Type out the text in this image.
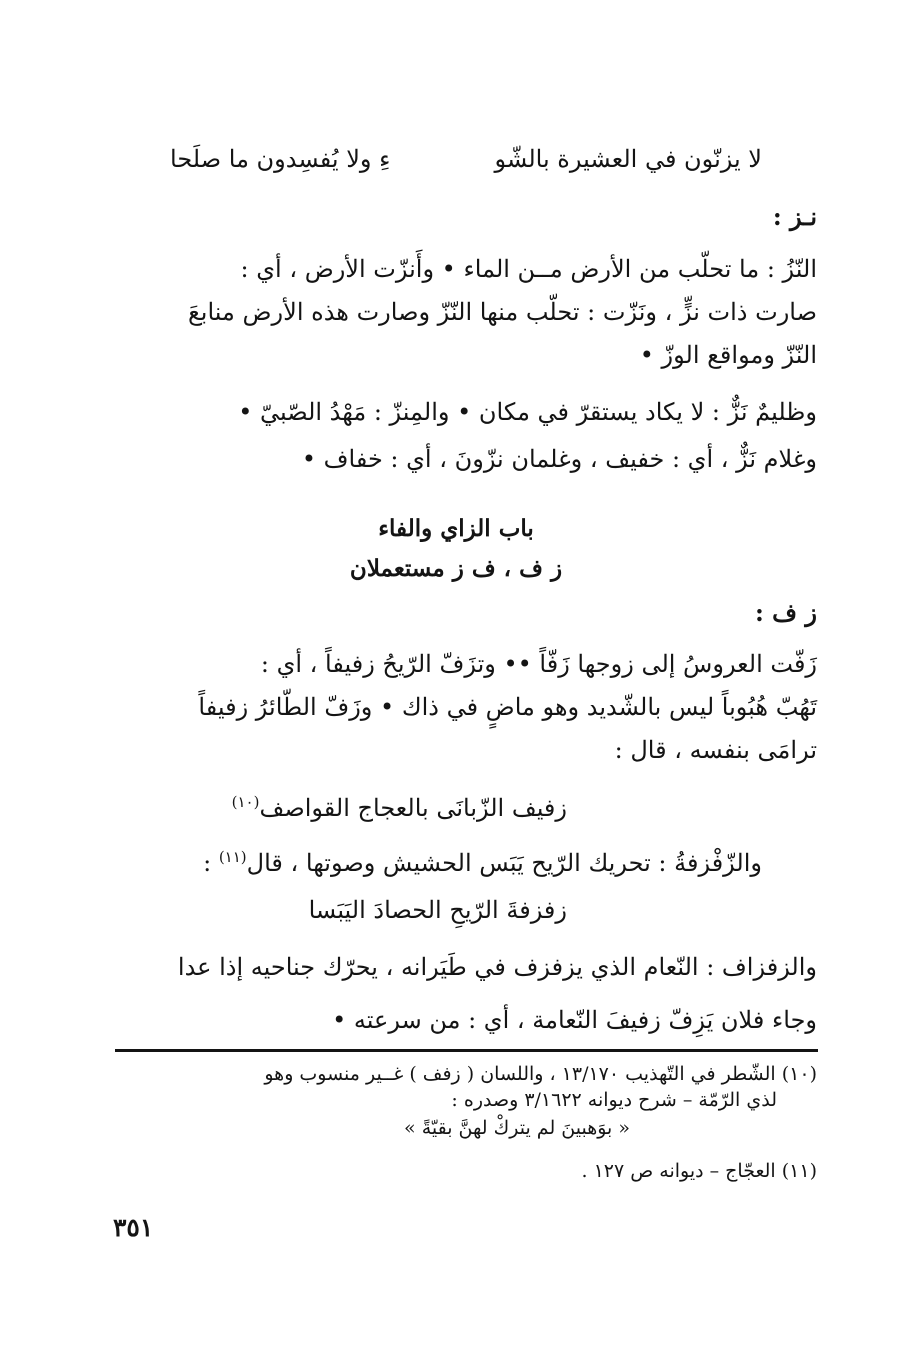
لا يزنّون في العشيرة بالشّو
ءِ ولا يُفسِدون ما صلَحا
نـز :
النّزُ : ما تحلّب من الأرض مــن الماء • وأَنزّت الأرض ، أي :
صارت ذات نزٍّ ، ونَزّت : تحلّب منها النّزّ وصارت هذه الأرض منابعَ
النّزّ ومواقع الوزّ •
وظليمٌ نَزٌّ : لا يكاد يستقرّ في مكان • والمِنزّ : مَهْدُ الصّبيّ •
وغلام نَزٌّ ، أي : خفيف ، وغلمان نزّونَ ، أي : خفاف •
باب الزاي والفاء
ز ف ، ف ز مستعملان
ز ف :
زَفّت العروسُ إلى زوجها زَفّاً •• وتزَفّ الرّيحُ زفيفاً ، أي :
تَهُبّ هُبُوباً ليس بالشّديد وهو ماضٍ في ذاك • وزَفّ الطّائرُ زفيفاً
ترامَى بنفسه ، قال :
زفيف الزّبانَى بالعجاج القواصف$^{(١٠)}$
والزّفْزفةُ : تحريك الرّيح يَبَس الحشيش وصوتها ، قال$^{(١١)}$ :
زفزفةَ الرّيحِ الحصادَ اليَبَسا
والزفزاف : النّعام الذي يزفزف في طَيَرانه ، يحرّك جناحيه إذا عدا
وجاء فلان يَزِفّ زفيفَ النّعامة ، أي : من سرعته •
(١٠) الشّطر في التّهذيب ١٣/١٧٠ ، واللسان ( زفف ) غــير منسوب وهو
لذي الرّمّة – شرح ديوانه ٣/١٦٢٢ وصدره :
« بوَهبينَ لم يتركْ لهنَّ بقيّةً »
(١١) العجّاج – ديوانه ص ١٢٧ .
٣٥١
